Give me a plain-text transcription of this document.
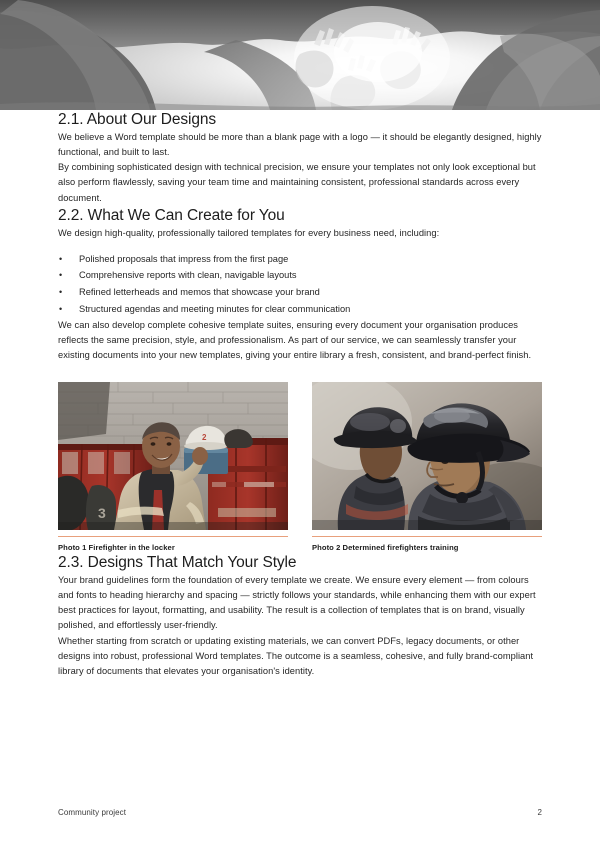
2.1. About Our Designs

We believe a Word template should be more than a blank page with a logo — it should be elegantly designed, highly functional, and built to last.

By combining sophisticated design with technical precision, we ensure your templates not only look exceptional but also perform flawlessly, saving your team time and maintaining consistent, professional standards across every document.

2.2. What We Can Create for You

We design high-quality, professionally tailored templates for every business need, including:

• Polished proposals that impress from the first page
• Comprehensive reports with clean, navigable layouts
• Refined letterheads and memos that showcase your brand
• Structured agendas and meeting minutes for clear communication

We can also develop complete cohesive template suites, ensuring every document your organisation produces reflects the same precision, style, and professionalism. As part of our service, we can seamlessly transfer your existing documents into your new templates, giving your entire library a fresh, consistent, and brand-perfect finish.

3
2
Photo 1 Firefighter in the locker	Photo 2 Determined firefighters training
2.3. Designs That Match Your Style

Your brand guidelines form the foundation of every template we create. We ensure every element — from colours and fonts to heading hierarchy and spacing — strictly follows your standards, while enhancing them with our expert best practices for layout, formatting, and usability. The result is a collection of templates that is on brand, visually polished, and effortlessly user-friendly.

Whether starting from scratch or updating existing materials, we can convert PDFs, legacy documents, or other designs into robust, professional Word templates. The outcome is a seamless, cohesive, and fully brand-compliant library of documents that elevates your organisation's identity.

Community project	2
